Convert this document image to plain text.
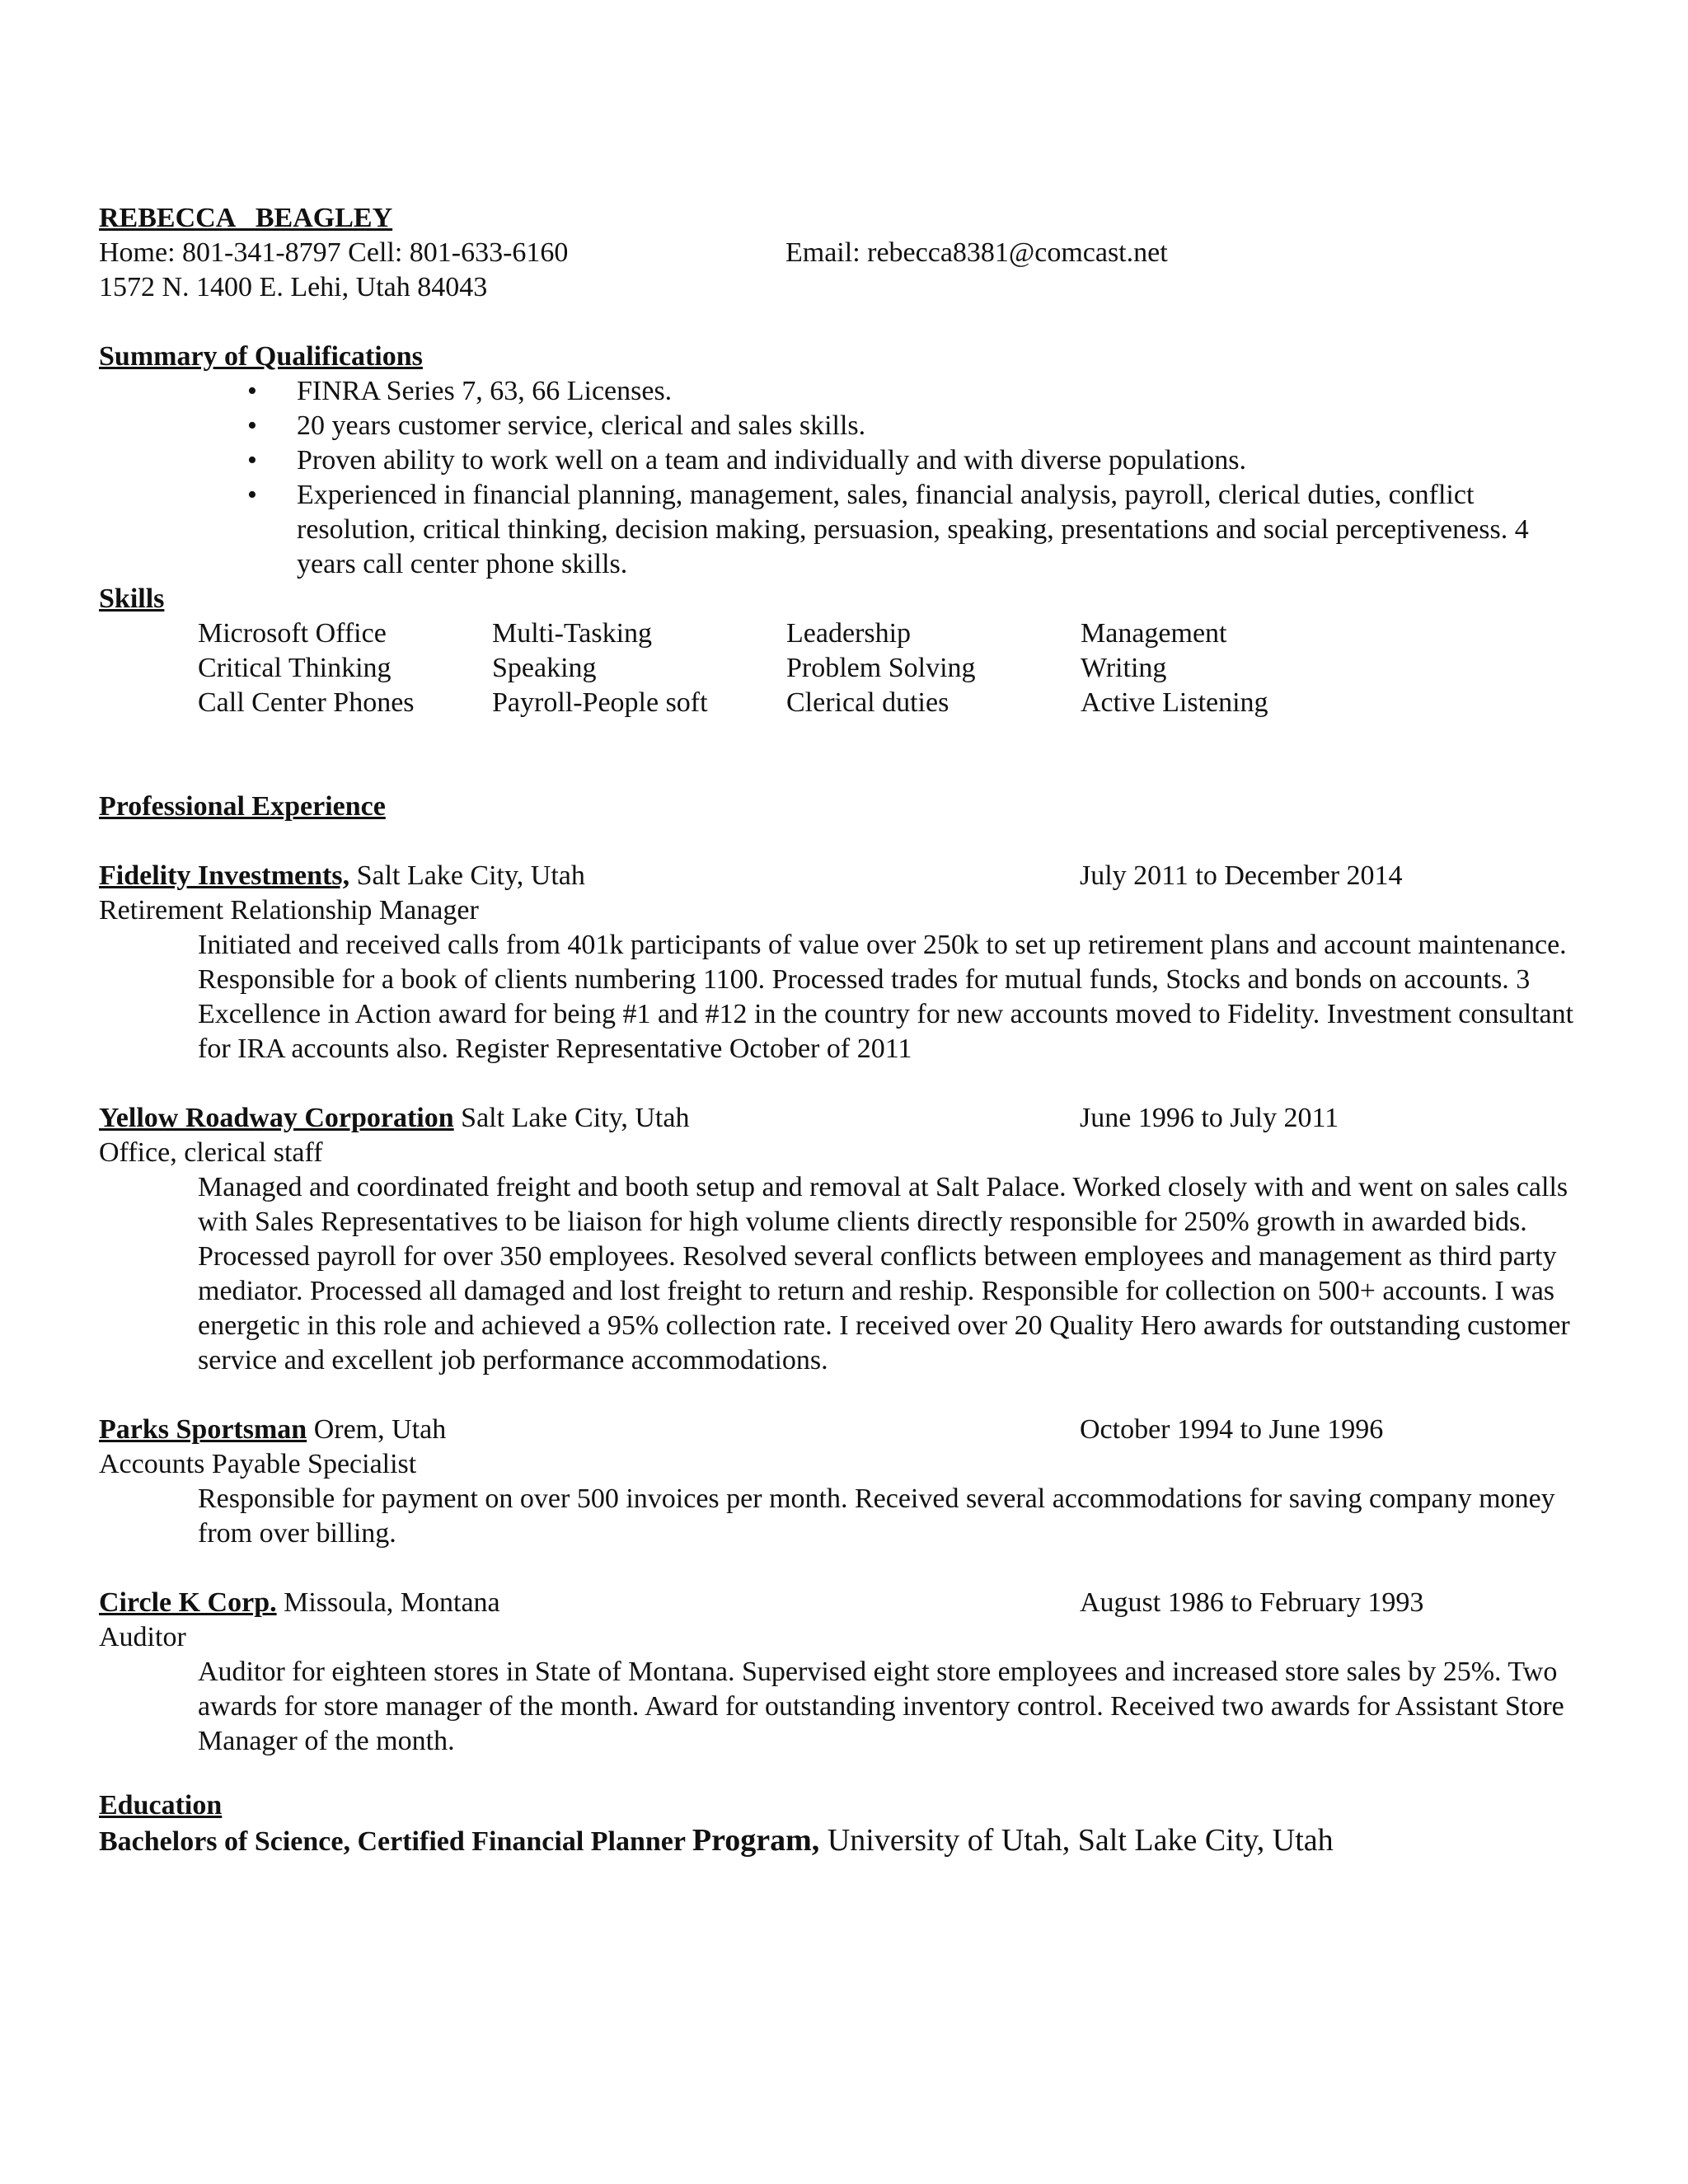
REBECCA   BEAGLEY
Home: 801-341-8797 Cell: 801-633-6160	Email: rebecca8381@comcast.net
1572 N. 1400 E. Lehi, Utah 84043
Summary of Qualifications
• FINRA Series 7, 63, 66 Licenses.
• 20 years customer service, clerical and sales skills.
• Proven ability to work well on a team and individually and with diverse populations.
• Experienced in financial planning, management, sales, financial analysis, payroll, clerical duties, conflict resolution, critical thinking, decision making, persuasion, speaking, presentations and social perceptiveness. 4 years call center phone skills.
Skills
Microsoft Office	Multi-Tasking	Leadership	Management
Critical Thinking	Speaking	Problem Solving	Writing
Call Center Phones	Payroll-People soft	Clerical duties	Active Listening
Professional Experience
Fidelity Investments, Salt Lake City, Utah	July 2011 to December 2014
Retirement Relationship Manager
Initiated and received calls from 401k participants of value over 250k to set up retirement plans and account maintenance. Responsible for a book of clients numbering 1100. Processed trades for mutual funds, Stocks and bonds on accounts. 3 Excellence in Action award for being #1 and #12 in the country for new accounts moved to Fidelity. Investment consultant for IRA accounts also. Register Representative October of 2011
Yellow Roadway Corporation Salt Lake City, Utah	June 1996 to July 2011
Office, clerical staff
Managed and coordinated freight and booth setup and removal at Salt Palace. Worked closely with and went on sales calls with Sales Representatives to be liaison for high volume clients directly responsible for 250% growth in awarded bids. Processed payroll for over 350 employees. Resolved several conflicts between employees and management as third party mediator. Processed all damaged and lost freight to return and reship. Responsible for collection on 500+ accounts. I was energetic in this role and achieved a 95% collection rate. I received over 20 Quality Hero awards for outstanding customer service and excellent job performance accommodations.
Parks Sportsman Orem, Utah	October 1994 to June 1996
Accounts Payable Specialist
Responsible for payment on over 500 invoices per month. Received several accommodations for saving company money from over billing.
Circle K Corp. Missoula, Montana	August 1986 to February 1993
Auditor
Auditor for eighteen stores in State of Montana. Supervised eight store employees and increased store sales by 25%. Two awards for store manager of the month. Award for outstanding inventory control. Received two awards for Assistant Store Manager of the month.
Education
Bachelors of Science, Certified Financial Planner Program, University of Utah, Salt Lake City, Utah
